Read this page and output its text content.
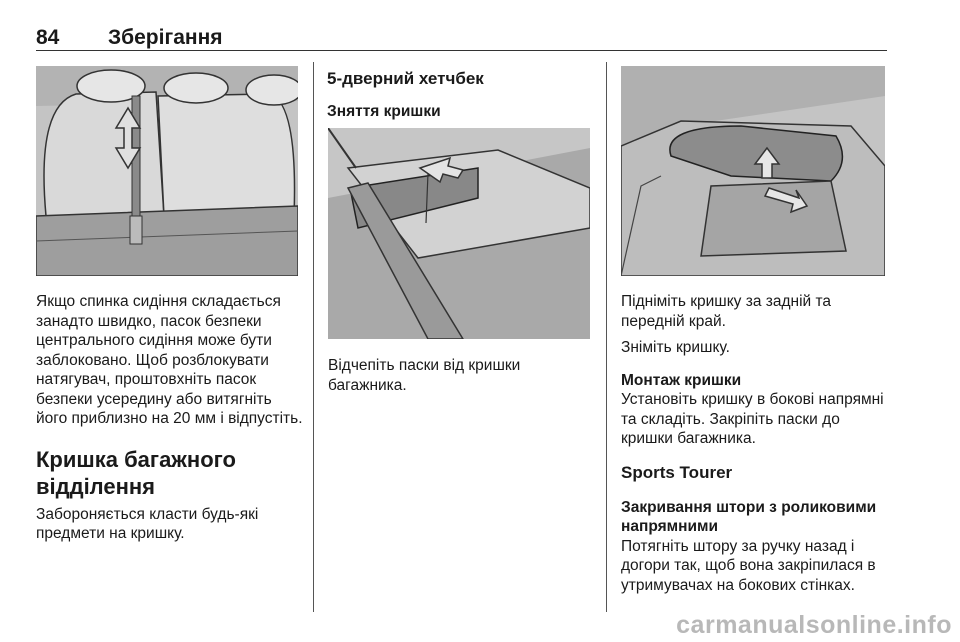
84 Зберігання

Якщо спинка сидіння складається занадто швидко, пасок безпеки центрального сидіння може бути заблоковано. Щоб розблокувати натягувач, проштовхніть пасок безпеки усередину або витягніть його приблизно на 20 мм і відпустіть.

Кришка багажного відділення

Забороняється класти будь-які предмети на кришку.

5-дверний хетчбек
Зняття кришки

Відчепіть паски від кришки багажника.

Підніміть кришку за задній та передній край.

Зніміть кришку.

Монтаж кришки

Установіть кришку в бокові напрямні та складіть. Закріпіть паски до кришки багажника.

Sports Tourer
Закривання штори з роликовими напрямними

Потягніть штору за ручку назад і догори так, щоб вона закріпилася в утримувачах на бокових стінках.

carmanualsonline.info
